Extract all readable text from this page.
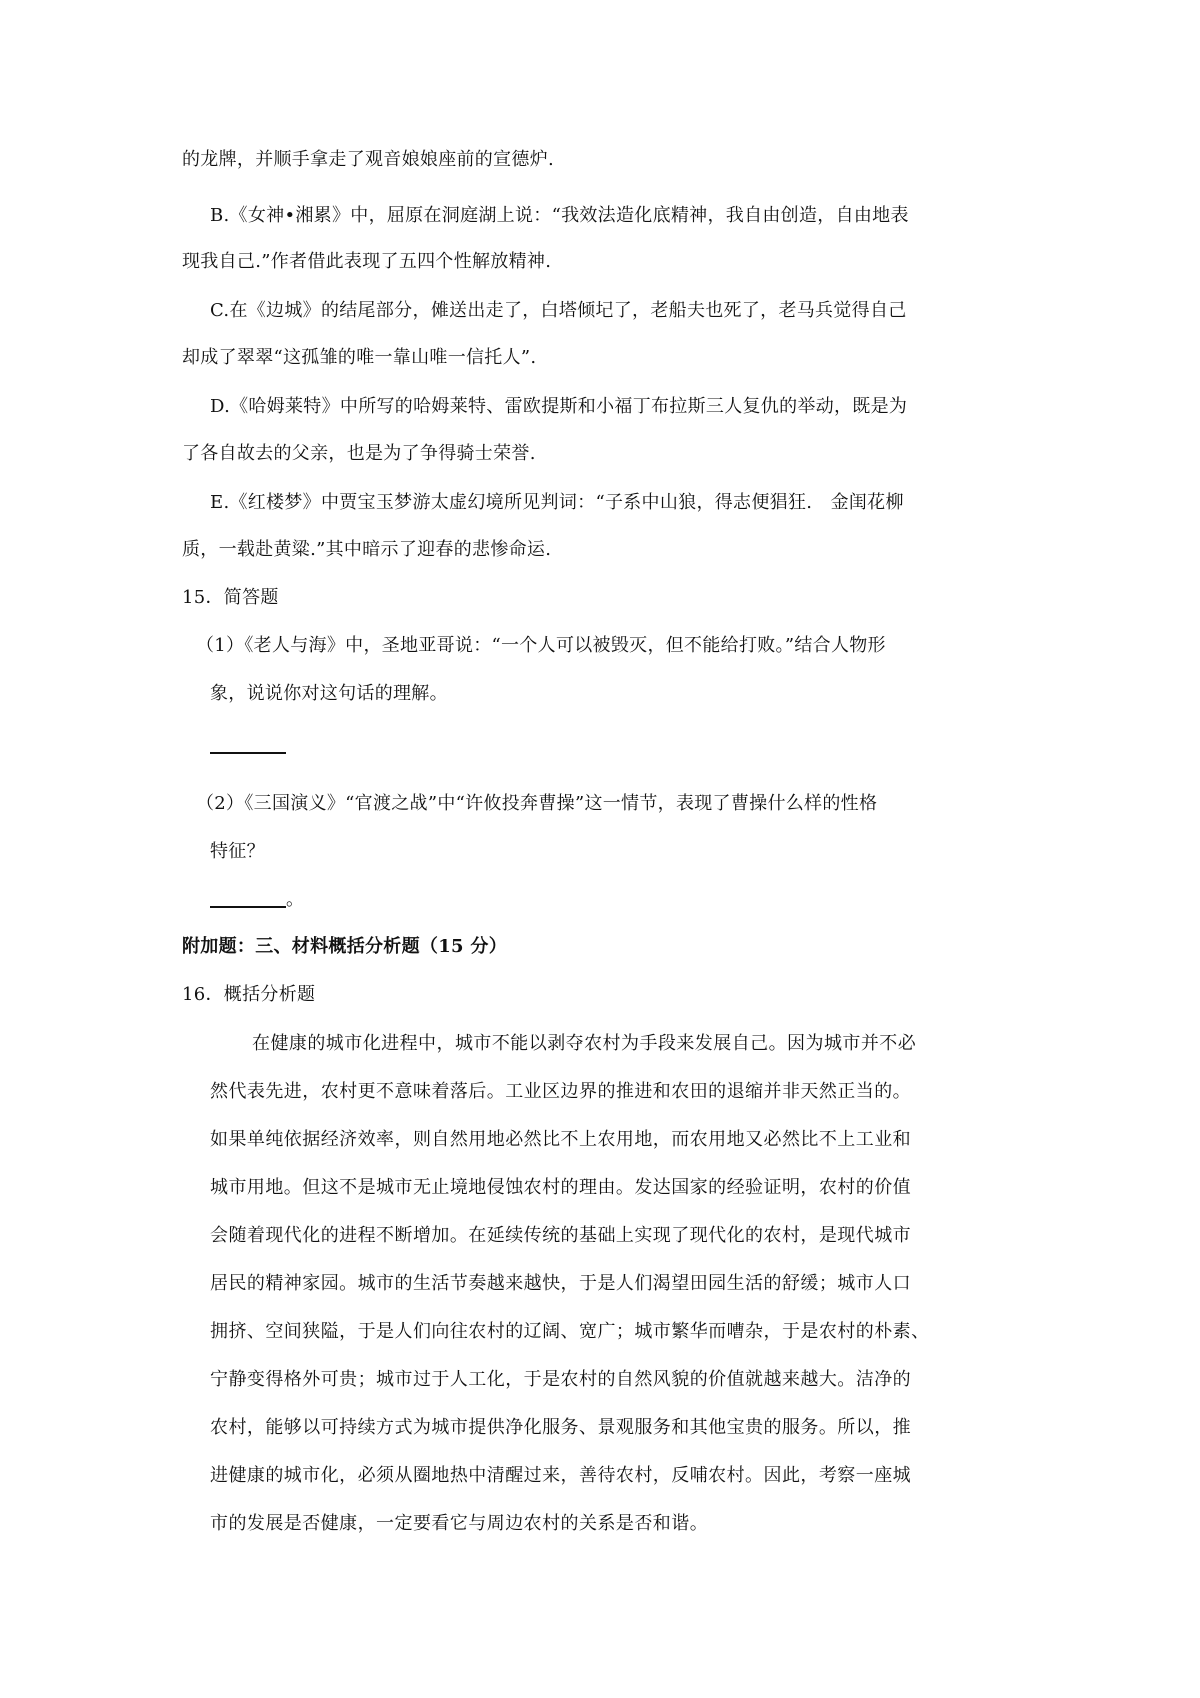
的龙牌，并顺手拿走了观音娘娘座前的宣德炉.

B.《女神•湘累》中，屈原在洞庭湖上说：“我效法造化底精神，我自由创造，自由地表

现我自己.”作者借此表现了五四个性解放精神.

C.在《边城》的结尾部分，傩送出走了，白塔倾圮了，老船夫也死了，老马兵觉得自己

却成了翠翠“这孤雏的唯一靠山唯一信托人”.

D.《哈姆莱特》中所写的哈姆莱特、雷欧提斯和小福丁布拉斯三人复仇的举动，既是为

了各自故去的父亲，也是为了争得骑士荣誉.

E.《红楼梦》中贾宝玉梦游太虚幻境所见判词：“子系中山狼，得志便猖狂.　金闺花柳

质，一载赴黄粱.”其中暗示了迎春的悲惨命运.

15．简答题

（1）《老人与海》中，圣地亚哥说：“一个人可以被毁灭，但不能给打败。”结合人物形

象，说说你对这句话的理解。

（2）《三国演义》“官渡之战”中“许攸投奔曹操”这一情节，表现了曹操什么样的性格

特征？

。

附加题：三、材料概括分析题（15 分）

16．概括分析题

在健康的城市化进程中，城市不能以剥夺农村为手段来发展自己。因为城市并不必

然代表先进，农村更不意味着落后。工业区边界的推进和农田的退缩并非天然正当的。

如果单纯依据经济效率，则自然用地必然比不上农用地，而农用地又必然比不上工业和

城市用地。但这不是城市无止境地侵蚀农村的理由。发达国家的经验证明，农村的价值

会随着现代化的进程不断增加。在延续传统的基础上实现了现代化的农村，是现代城市

居民的精神家园。城市的生活节奏越来越快，于是人们渴望田园生活的舒缓；城市人口

拥挤、空间狭隘，于是人们向往农村的辽阔、宽广；城市繁华而嘈杂，于是农村的朴素、

宁静变得格外可贵；城市过于人工化，于是农村的自然风貌的价值就越来越大。洁净的

农村，能够以可持续方式为城市提供净化服务、景观服务和其他宝贵的服务。所以，推

进健康的城市化，必须从圈地热中清醒过来，善待农村，反哺农村。因此，考察一座城

市的发展是否健康，一定要看它与周边农村的关系是否和谐。
